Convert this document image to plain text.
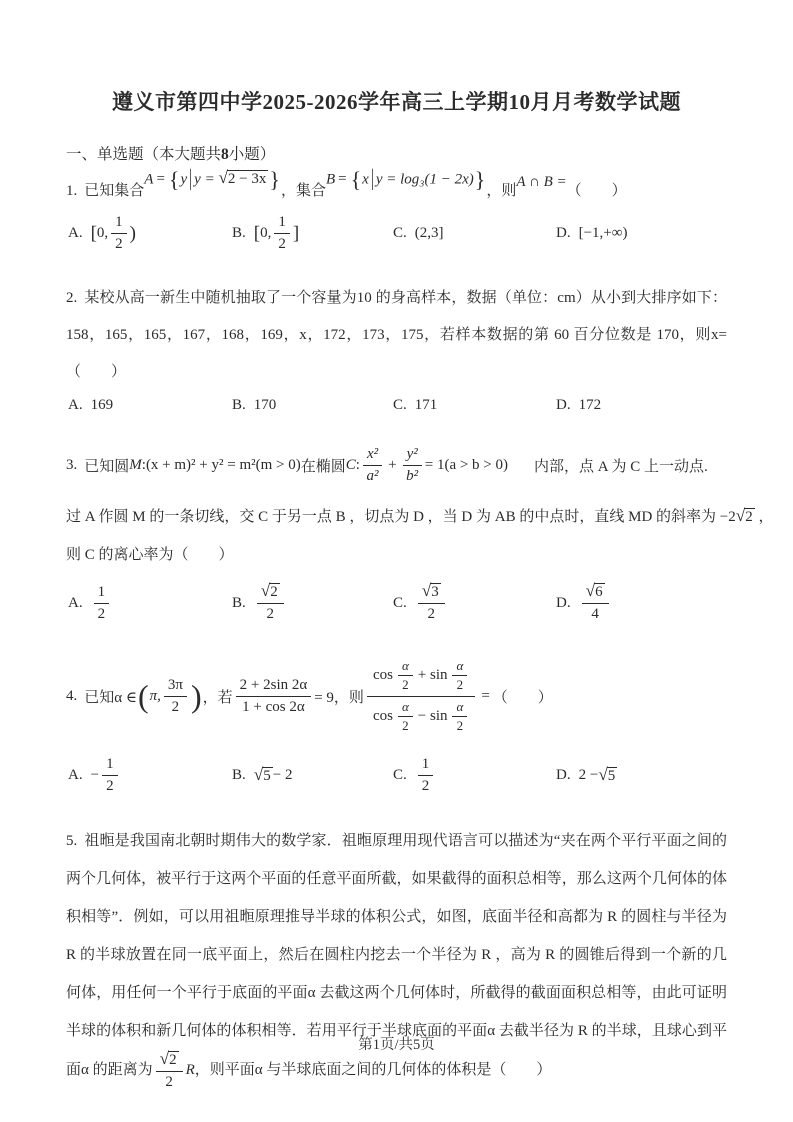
遵义市第四中学2025-2026学年高三上学期10月月考数学试题
一、单选题（本大题共8小题）
1. 已知集合
A = {y | y = √2 − 3x } ，集合
B = {x | y = log₃(1 − 2x)} ，则
A ∩ B =
（　　）
A. [ 0, $\frac{1}{2}$ )	B. [ 0, $\frac{1}{2}$ ]	C. (2,3]	D. [−1,+∞)

2. 某校从高一新生中随机抽取了一个容量为10 的身高样本，数据（单位：cm）从小到大排序如下：158，165，165，167，168，169，x，172，173，175，若样本数据的第 60 百分位数是 170，则x=（　　）

A. 169	B. 170	C. 171	D. 172
3. 已知圆 M : (x + m)² + y² = m²(m > 0) 在椭圆 C : $\frac{\text{x²}}{\text{a²}} + \frac{\text{y²}}{\text{b²}} = 1(a > b > 0)$ 内部，点 A 为 C 上一动点.
过 A 作圆 M 的一条切线，交 C 于另一点 B ，切点为 D ，当 D 为 AB 的中点时，直线 MD 的斜率为 −2√2 ，
则 C 的离心率为（　　）
A. $\frac{1}{2}$	B. $\frac{√2}{2}$	C. $\frac{√3}{2}$	D. $\frac{√6}{4}$
4. 已知α ∈ ( π, $\frac{3\pi}{2}$ ) ，若 $\frac{2 + 2\sin 2\alpha}{1 + \cos 2\alpha} = 9$，则 $\frac{\cos \frac{\alpha}{2} + \sin \frac{\alpha}{2}}{\cos \frac{\alpha}{2} - \sin \frac{\alpha}{2}}$ = （　　）
A. − $\frac{1}{2}$	B. √5 − 2	C. $\frac{1}{2}$	D. 2 − √5

5. 祖暅是我国南北朝时期伟大的数学家．祖暅原理用现代语言可以描述为“夹在两个平行平面之间的两个几何体，被平行于这两个平面的任意平面所截，如果截得的面积总相等，那么这两个几何体的体积相等”．例如，可以用祖暅原理推导半球的体积公式，如图，底面半径和高都为 R 的圆柱与半径为 R 的半球放置在同一底平面上，然后在圆柱内挖去一个半径为 R ，高为 R 的圆锥后得到一个新的几何体，用任何一个平行于底面的平面α 去截这两个几何体时，所截得的截面面积总相等，由此可证明半球的体积和新几何体的体积相等．若用平行于半球底面的平面α 去截半径为 R 的半球，且球心到平面α 的距离为 $\frac{√2}{2}$ R，则平面α 与半球底面之间的几何体的体积是（　　）

第1页/共5页
